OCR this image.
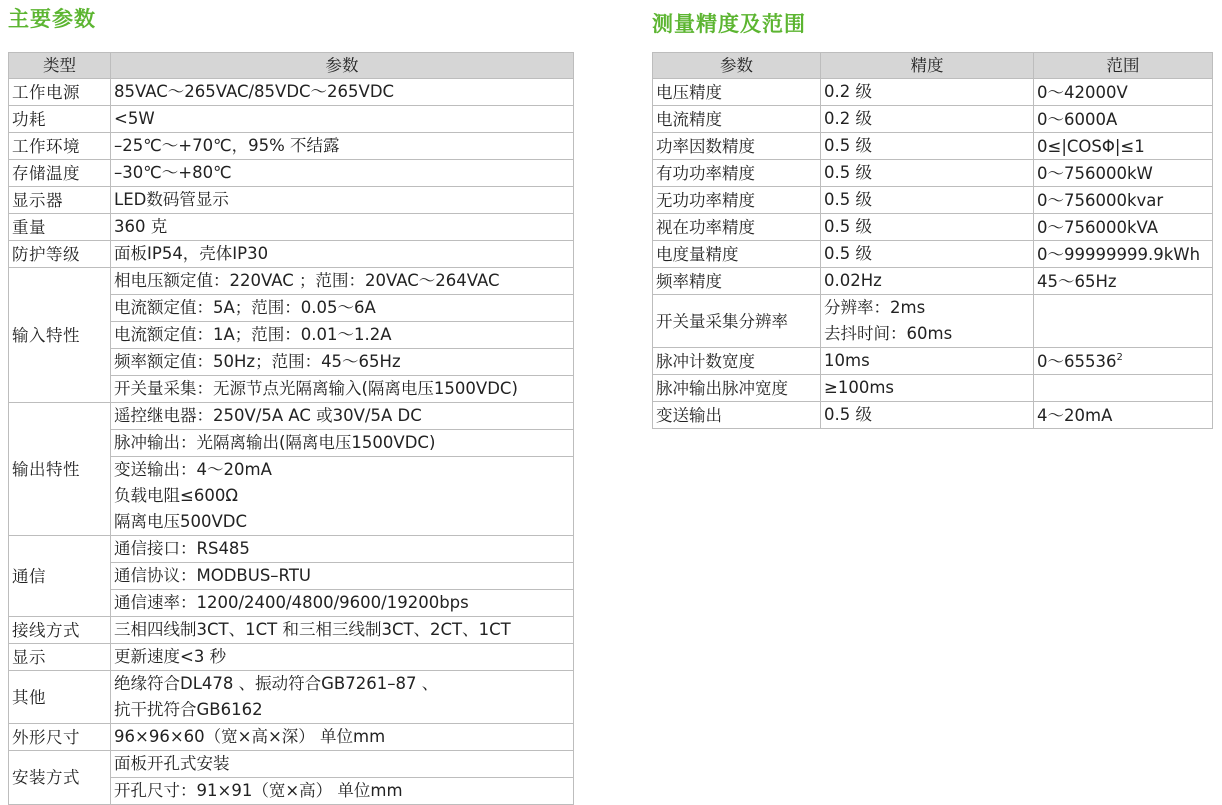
主要参数	测量精度及范围
类型	参数
工作电源	85VAC～265VAC/85VDC～265VDC

功耗	<5W

工作环境	–25℃～+70℃，95% 不结露

存储温度	–30℃～+80℃

显示器	LED数码管显示

重量	360 克

防护等级	面板IP54，壳体IP30

输入特性	相电压额定值：220VAC ；范围：20VAC～264VAC
电流额定值：5A；范围：0.05～6A
电流额定值：1A；范围：0.01～1.2A
频率额定值：50Hz；范围：45～65Hz
开关量采集：无源节点光隔离输入(隔离电压1500VDC)

输出特性	遥控继电器：250V/5A AC 或30V/5A DC
脉冲输出：光隔离输出(隔离电压1500VDC)
变送输出：4～20mA
负载电阻≤600Ω
隔离电压500VDC

通信	通信接口：RS485
通信协议：MODBUS–RTU
通信速率：1200/2400/4800/9600/19200bps

接线方式	三相四线制3CT、1CT 和三相三线制3CT、2CT、1CT

显示	更新速度<3 秒

其他	绝缘符合DL478 、振动符合GB7261–87 、
抗干扰符合GB6162

外形尺寸	96×96×60（宽×高×深） 单位mm

安装方式	面板开孔式安装
开孔尺寸：91×91（宽×高） 单位mm
参数	精度	范围
电压精度	0.2 级	0～42000V
电流精度	0.2 级	0～6000A
功率因数精度	0.5 级	0≤|COSΦ|≤1
有功功率精度	0.5 级	0～756000kW
无功功率精度	0.5 级	0～756000kvar
视在功率精度	0.5 级	0～756000kVA
电度量精度	0.5 级	0～99999999.9kWh
频率精度	0.02Hz	45～65Hz
开关量采集分辨率	分辨率：2ms
去抖时间：60ms	

脉冲计数宽度	10ms	0～65536$^2$
脉冲输出脉冲宽度	≥100ms	

变送输出	0.5 级	4～20mA
